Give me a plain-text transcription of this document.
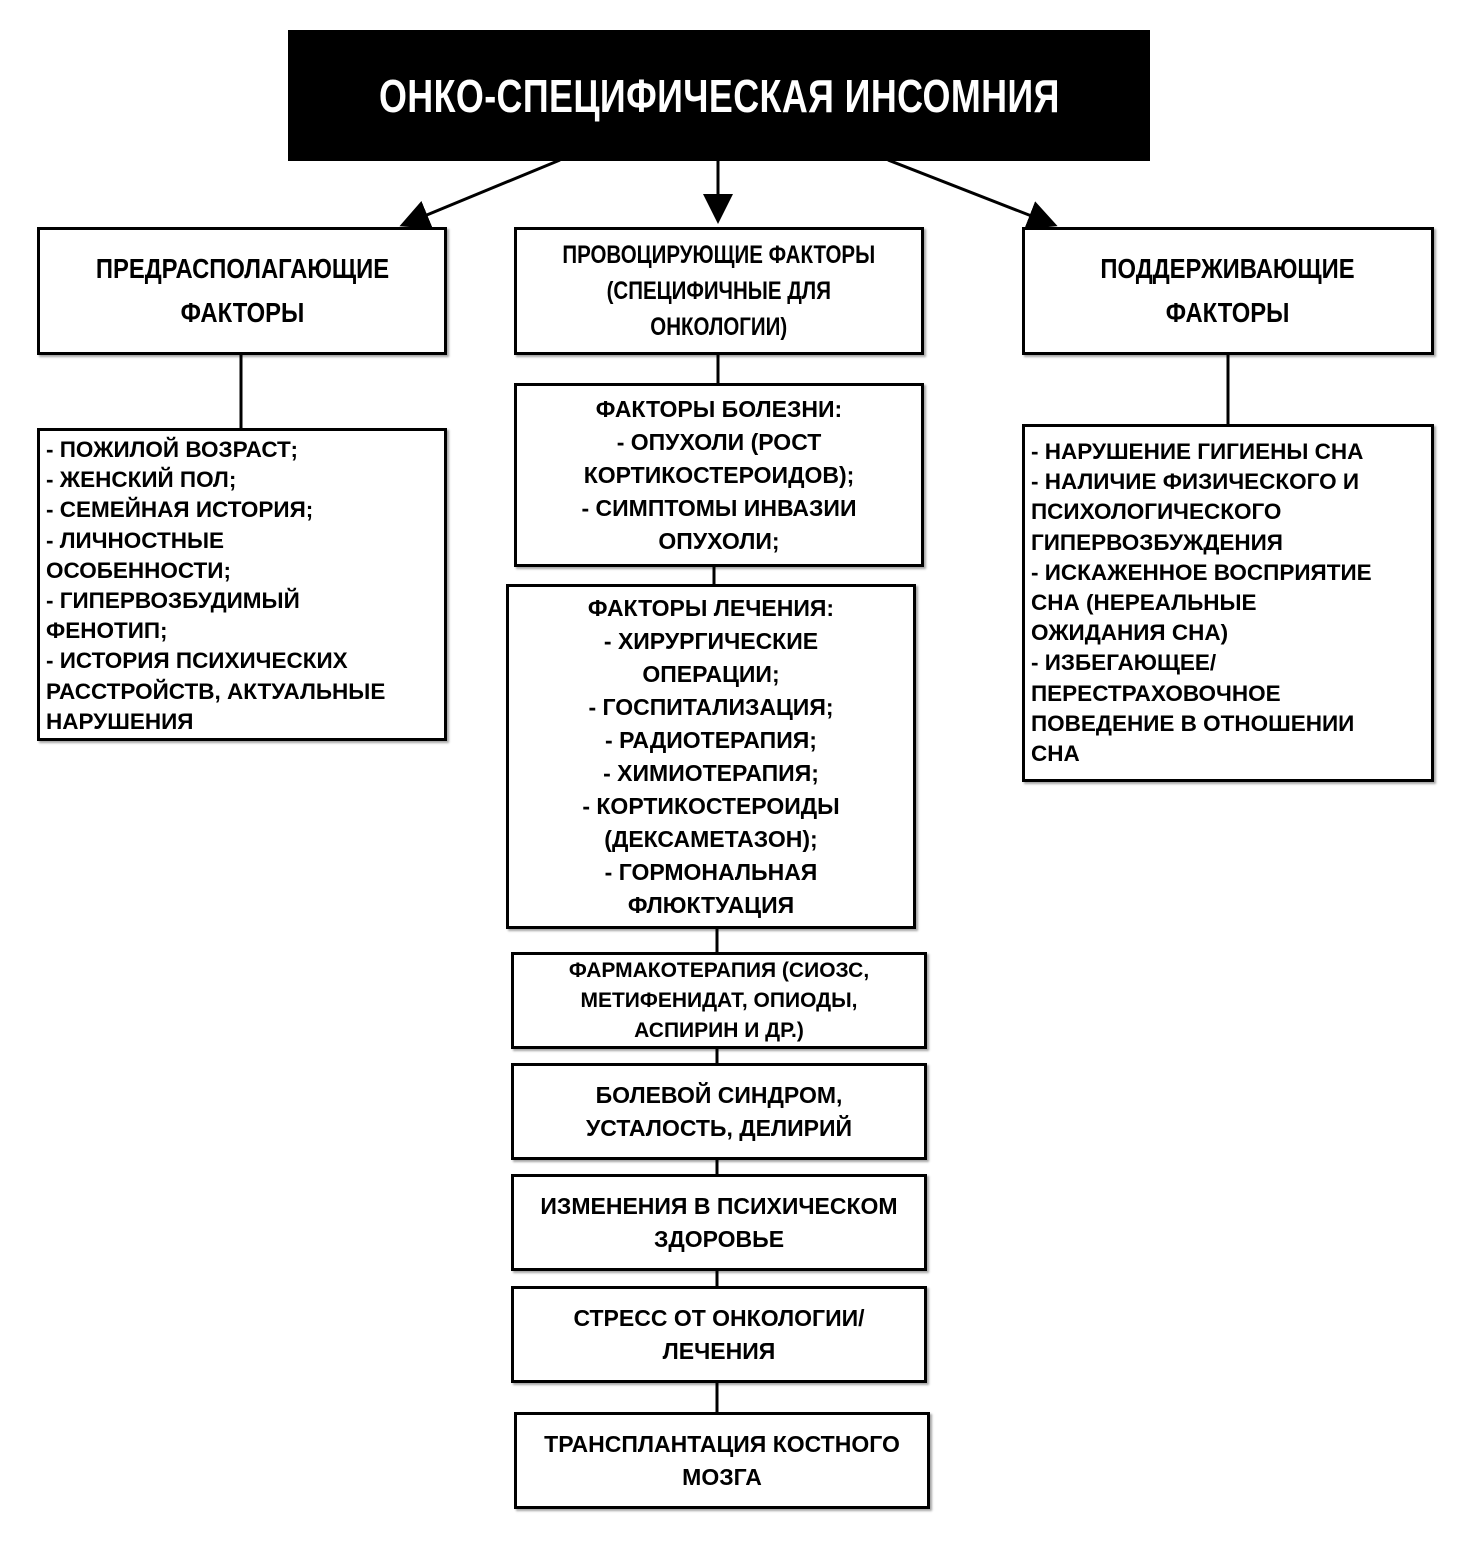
ОНКО-СПЕЦИФИЧЕСКАЯ ИНСОМНИЯ
ПРЕДРАСПОЛАГАЮЩИЕ
ФАКТОРЫ
- ПОЖИЛОЙ ВОЗРАСТ;
- ЖЕНСКИЙ ПОЛ;
- СЕМЕЙНАЯ ИСТОРИЯ;
- ЛИЧНОСТНЫЕ
ОСОБЕННОСТИ;
- ГИПЕРВОЗБУДИМЫЙ
ФЕНОТИП;
- ИСТОРИЯ ПСИХИЧЕСКИХ
РАССТРОЙСТВ, АКТУАЛЬНЫЕ
НАРУШЕНИЯ
ПРОВОЦИРУЮЩИЕ ФАКТОРЫ
(СПЕЦИФИЧНЫЕ ДЛЯ
ОНКОЛОГИИ)
ФАКТОРЫ БОЛЕЗНИ:
- ОПУХОЛИ (РОСТ
КОРТИКОСТЕРОИДОВ);
- СИМПТОМЫ ИНВАЗИИ
ОПУХОЛИ;
ФАКТОРЫ ЛЕЧЕНИЯ:
- ХИРУРГИЧЕСКИЕ
ОПЕРАЦИИ;
- ГОСПИТАЛИЗАЦИЯ;
- РАДИОТЕРАПИЯ;
- ХИМИОТЕРАПИЯ;
- КОРТИКОСТЕРОИДЫ
(ДЕКСАМЕТАЗОН);
- ГОРМОНАЛЬНАЯ
ФЛЮКТУАЦИЯ
ФАРМАКОТЕРАПИЯ (СИОЗС,
МЕТИФЕНИДАТ, ОПИОДЫ,
АСПИРИН И ДР.)
БОЛЕВОЙ СИНДРОМ,
УСТАЛОСТЬ, ДЕЛИРИЙ
ИЗМЕНЕНИЯ В ПСИХИЧЕСКОМ
ЗДОРОВЬЕ
СТРЕСС ОТ ОНКОЛОГИИ/
ЛЕЧЕНИЯ
ТРАНСПЛАНТАЦИЯ КОСТНОГО
МОЗГА
ПОДДЕРЖИВАЮЩИЕ
ФАКТОРЫ
- НАРУШЕНИЕ ГИГИЕНЫ СНА
- НАЛИЧИЕ ФИЗИЧЕСКОГО И
ПСИХОЛОГИЧЕСКОГО
ГИПЕРВОЗБУЖДЕНИЯ
- ИСКАЖЕННОЕ ВОСПРИЯТИЕ
СНА (НЕРЕАЛЬНЫЕ
ОЖИДАНИЯ СНА)
- ИЗБЕГАЮЩЕЕ/
ПЕРЕСТРАХОВОЧНОЕ
ПОВЕДЕНИЕ В ОТНОШЕНИИ
СНА
